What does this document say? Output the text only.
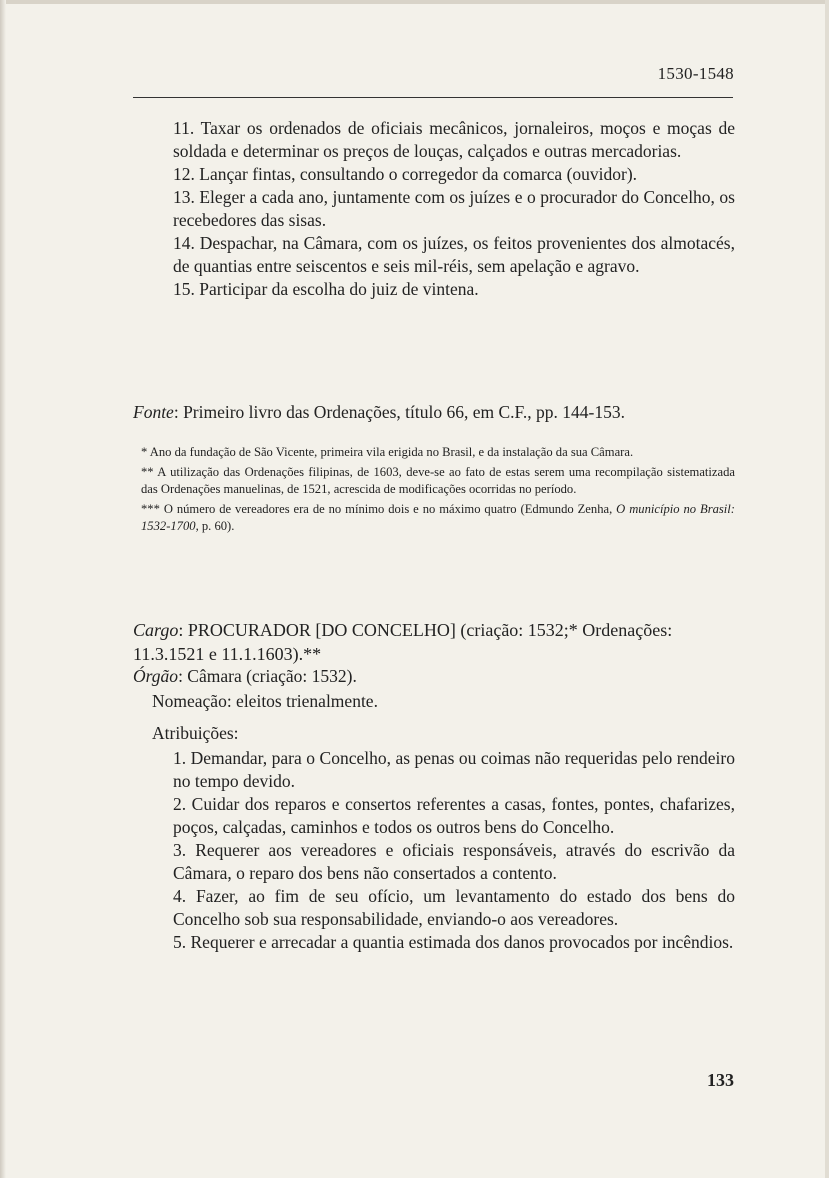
1530-1548

11. Taxar os ordenados de oficiais mecânicos, jornaleiros, moços e moças de soldada e determinar os preços de louças, calçados e outras mercadorias.

12. Lançar fintas, consultando o corregedor da comarca (ouvidor).

13. Eleger a cada ano, juntamente com os juízes e o procurador do Concelho, os recebedores das sisas.

14. Despachar, na Câmara, com os juízes, os feitos provenientes dos almotacés, de quantias entre seiscentos e seis mil-réis, sem apelação e agravo.

15. Participar da escolha do juiz de vintena.

Fonte: Primeiro livro das Ordenações, título 66, em C.F., pp. 144-153.

* Ano da fundação de São Vicente, primeira vila erigida no Brasil, e da instalação da sua Câmara.

** A utilização das Ordenações filipinas, de 1603, deve-se ao fato de estas serem uma recompilação sistematizada das Ordenações manuelinas, de 1521, acrescida de modificações ocorridas no período.

*** O número de vereadores era de no mínimo dois e no máximo quatro (Edmundo Zenha, O município no Brasil: 1532-1700, p. 60).

Cargo: PROCURADOR [DO CONCELHO] (criação: 1532;* Ordenações: 11.3.1521 e 11.1.1603).**
Órgão: Câmara (criação: 1532).
Nomeação: eleitos trienalmente.
Atribuições:

1. Demandar, para o Concelho, as penas ou coimas não requeridas pelo rendeiro no tempo devido.

2. Cuidar dos reparos e consertos referentes a casas, fontes, pontes, chafarizes, poços, calçadas, caminhos e todos os outros bens do Concelho.

3. Requerer aos vereadores e oficiais responsáveis, através do escrivão da Câmara, o reparo dos bens não consertados a contento.

4. Fazer, ao fim de seu ofício, um levantamento do estado dos bens do Concelho sob sua responsabilidade, enviando-o aos vereadores.

5. Requerer e arrecadar a quantia estimada dos danos provocados por incêndios.

133
